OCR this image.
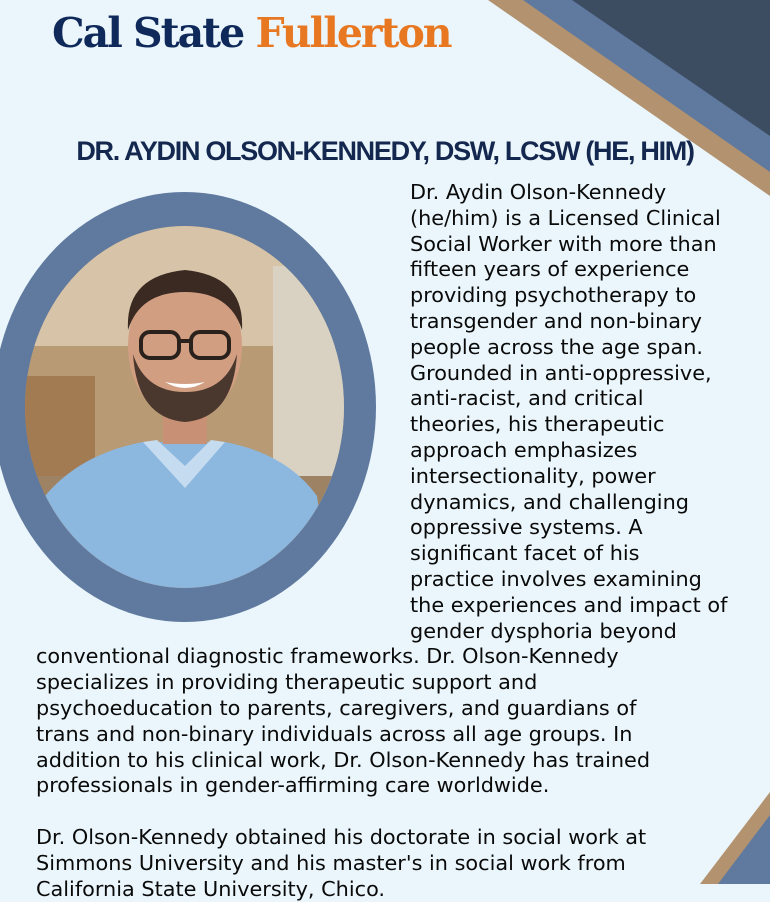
Cal State Fullerton
DR. AYDIN OLSON-KENNEDY, DSW, LCSW (HE, HIM)
Dr. Aydin Olson-Kennedy
(he/him) is a Licensed Clinical
Social Worker with more than
fifteen years of experience
providing psychotherapy to
transgender and non-binary
people across the age span.
Grounded in anti-oppressive,
anti-racist, and critical
theories, his therapeutic
approach emphasizes
intersectionality, power
dynamics, and challenging
oppressive systems. A
significant facet of his
practice involves examining
the experiences and impact of
gender dysphoria beyond
conventional diagnostic frameworks. Dr. Olson-Kennedy
specializes in providing therapeutic support and
psychoeducation to parents, caregivers, and guardians of
trans and non-binary individuals across all age groups. In
addition to his clinical work, Dr. Olson-Kennedy has trained
professionals in gender-affirming care worldwide.
Dr. Olson-Kennedy obtained his doctorate in social work at
Simmons University and his master's in social work from
California State University, Chico.
